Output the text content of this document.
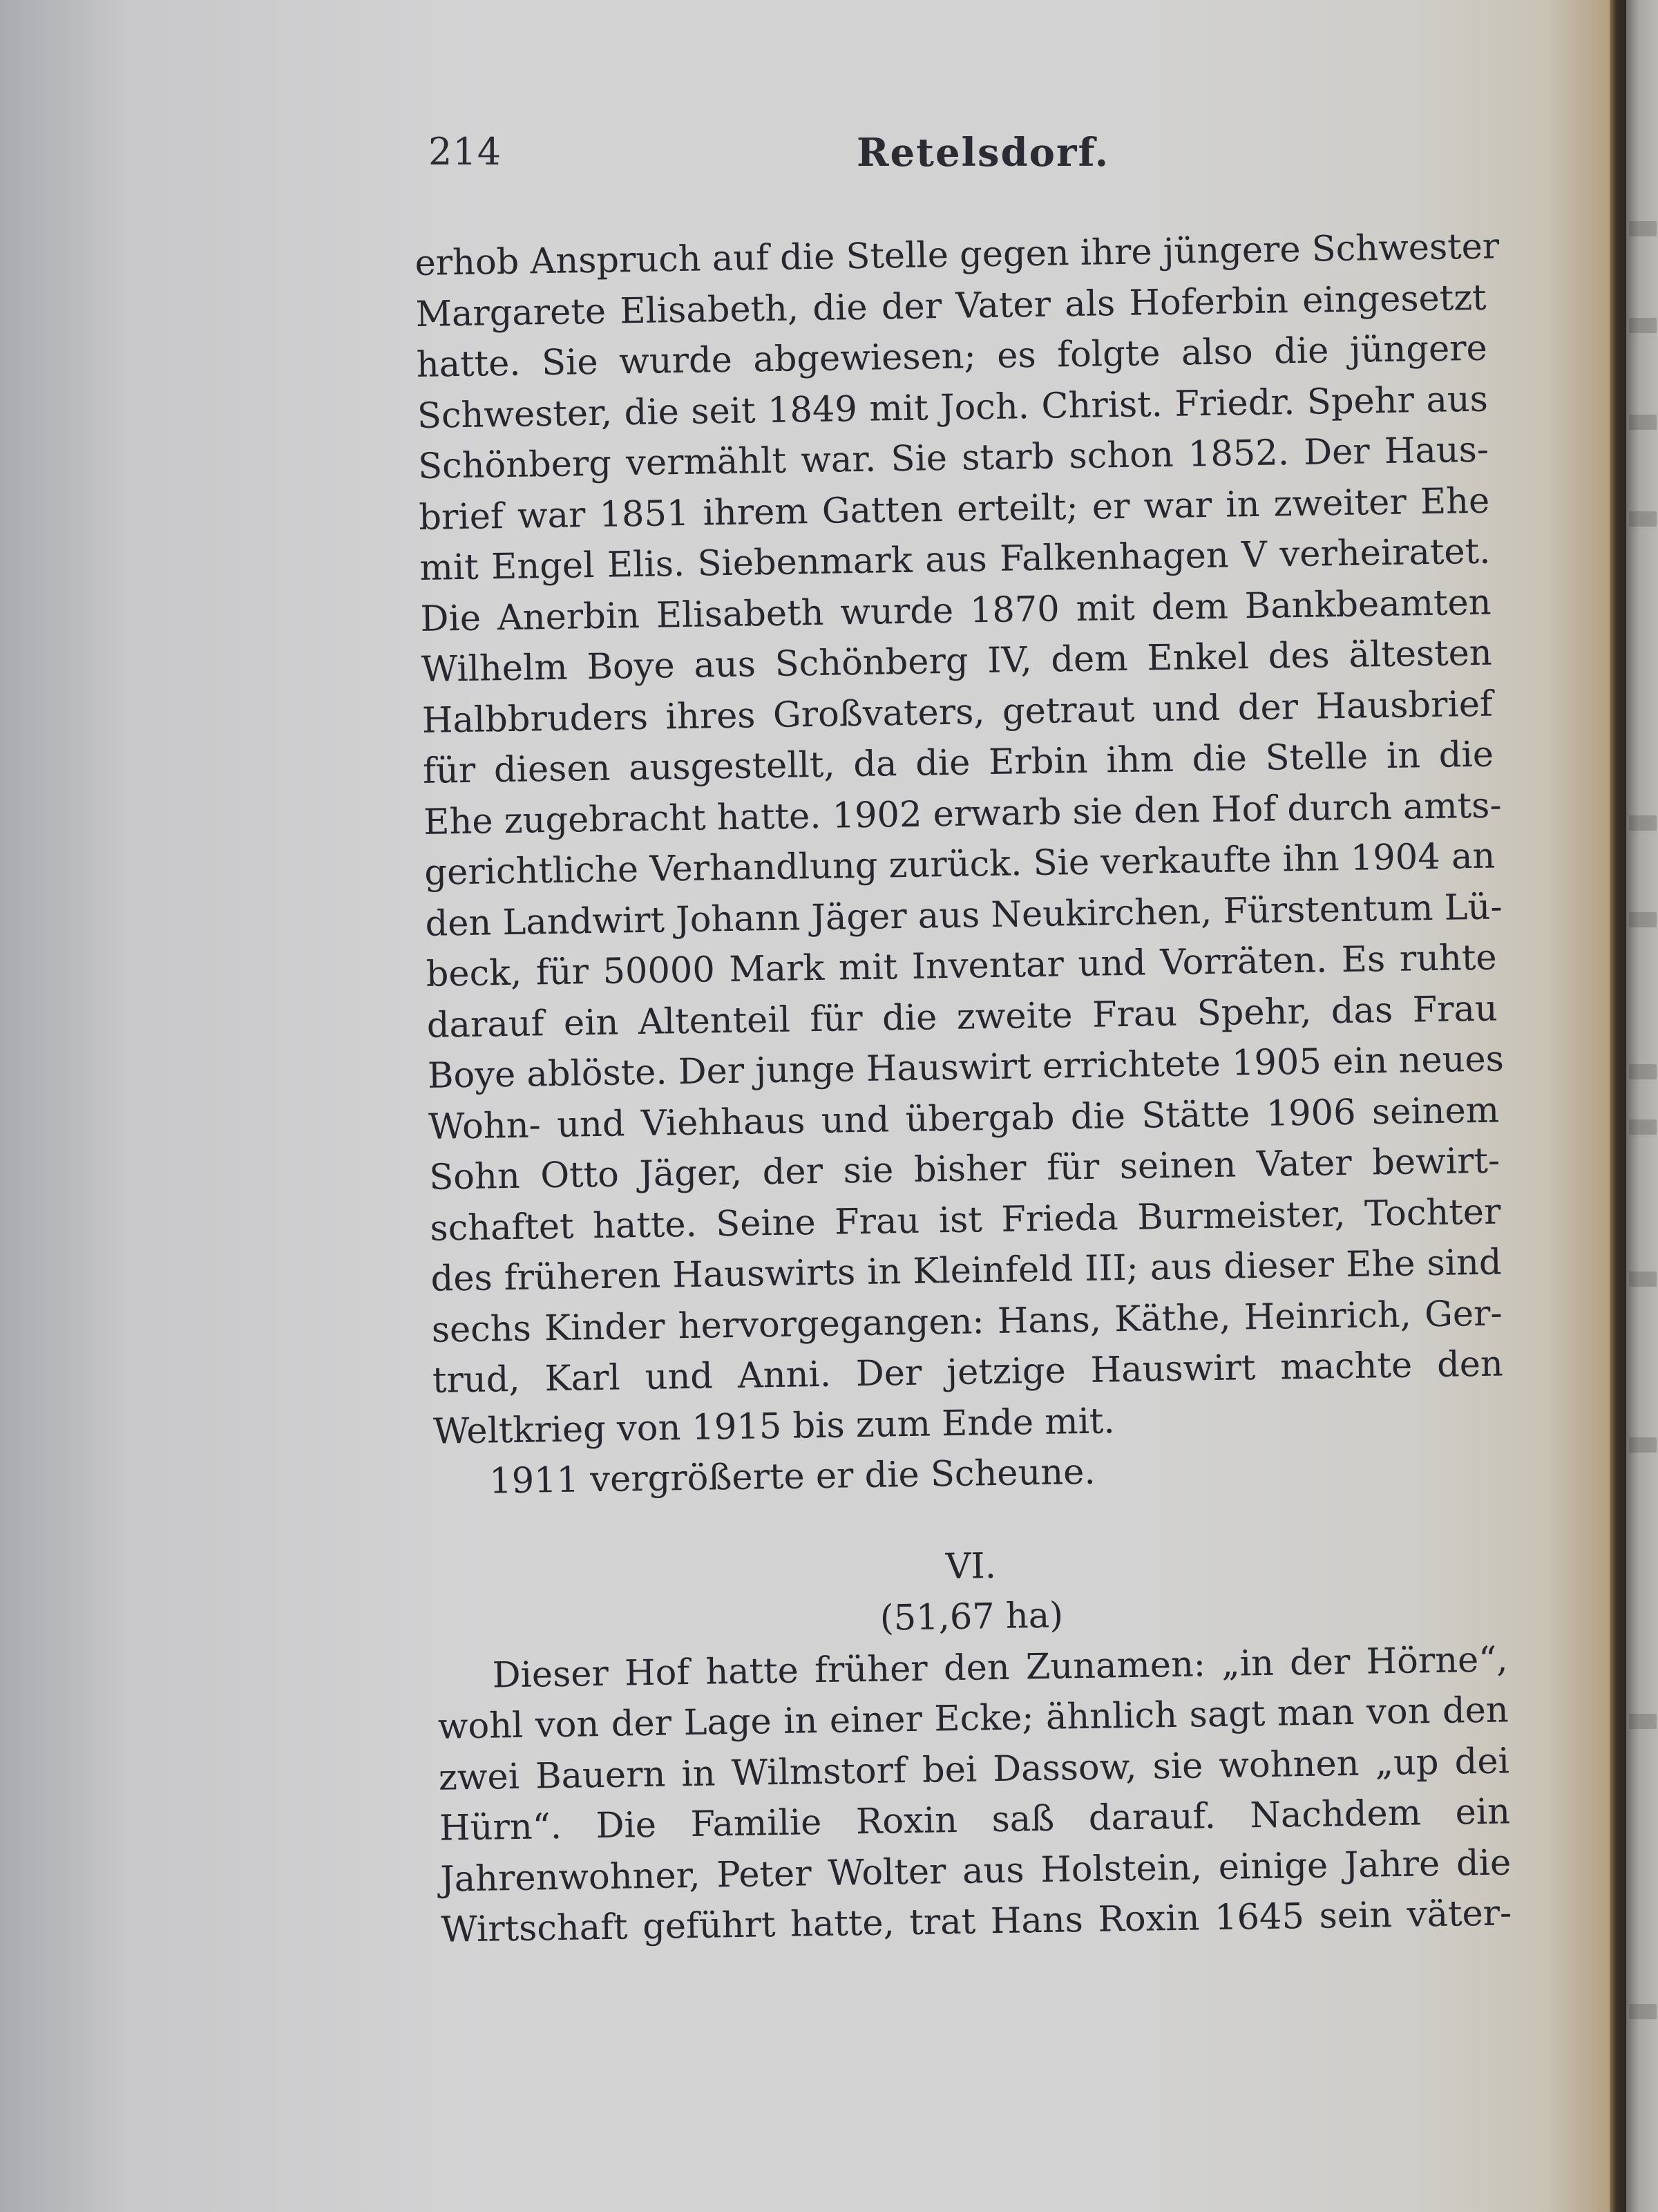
214	Retelsdorf.
erhob Anspruch auf die Stelle gegen ihre jüngere Schwester
Margarete Elisabeth, die der Vater als Hoferbin eingesetzt
hatte. Sie wurde abgewiesen; es folgte also die jüngere
Schwester, die seit 1849 mit Joch. Christ. Friedr. Spehr aus
Schönberg vermählt war. Sie starb schon 1852. Der Haus-
brief war 1851 ihrem Gatten erteilt; er war in zweiter Ehe
mit Engel Elis. Siebenmark aus Falkenhagen V verheiratet.
Die Anerbin Elisabeth wurde 1870 mit dem Bankbeamten
Wilhelm Boye aus Schönberg IV, dem Enkel des ältesten
Halbbruders ihres Großvaters, getraut und der Hausbrief
für diesen ausgestellt, da die Erbin ihm die Stelle in die
Ehe zugebracht hatte. 1902 erwarb sie den Hof durch amts-
gerichtliche Verhandlung zurück. Sie verkaufte ihn 1904 an
den Landwirt Johann Jäger aus Neukirchen, Fürstentum Lü-
beck, für 50000 Mark mit Inventar und Vorräten. Es ruhte
darauf ein Altenteil für die zweite Frau Spehr, das Frau
Boye ablöste. Der junge Hauswirt errichtete 1905 ein neues
Wohn- und Viehhaus und übergab die Stätte 1906 seinem
Sohn Otto Jäger, der sie bisher für seinen Vater bewirt-
schaftet hatte. Seine Frau ist Frieda Burmeister, Tochter
des früheren Hauswirts in Kleinfeld III; aus dieser Ehe sind
sechs Kinder hervorgegangen: Hans, Käthe, Heinrich, Ger-
trud, Karl und Anni. Der jetzige Hauswirt machte den
Weltkrieg von 1915 bis zum Ende mit.
1911 vergrößerte er die Scheune.
VI.
(51,67 ha)
Dieser Hof hatte früher den Zunamen: „in der Hörne“,
wohl von der Lage in einer Ecke; ähnlich sagt man von den
zwei Bauern in Wilmstorf bei Dassow, sie wohnen „up dei
Hürn“. Die Familie Roxin saß darauf. Nachdem ein
Jahrenwohner, Peter Wolter aus Holstein, einige Jahre die
Wirtschaft geführt hatte, trat Hans Roxin 1645 sein väter-
